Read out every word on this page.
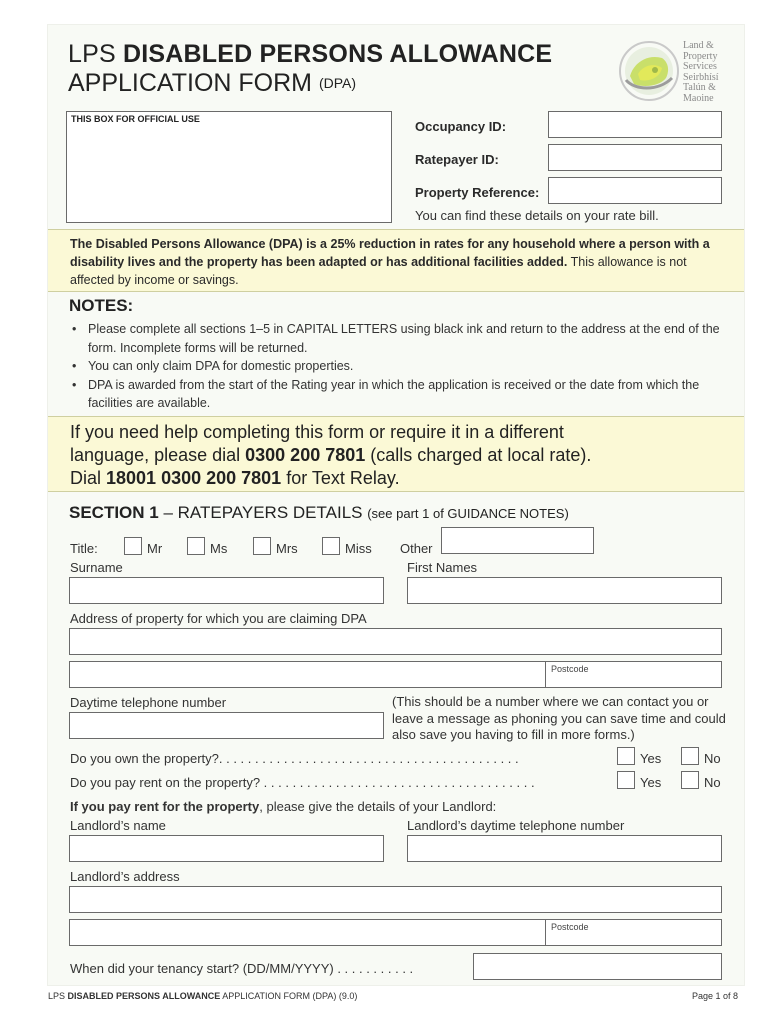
LPS DISABLED PERSONS ALLOWANCE
APPLICATION FORM (DPA)
Land &
Property
Services
Seirbhísí
Talún &
Maoine
THIS BOX FOR OFFICIAL USE	Occupancy ID:
Ratepayer ID:
Property Reference:
You can find these details on your rate bill.
The Disabled Persons Allowance (DPA) is a 25% reduction in rates for any household where a person with a disability lives and the property has been adapted or has additional facilities added. This allowance is not affected by income or savings.
NOTES:
• Please complete all sections 1–5 in CAPITAL LETTERS using black ink and return to the address at the end of the form. Incomplete forms will be returned.
• You can only claim DPA for domestic properties.
• DPA is awarded from the start of the Rating year in which the application is received or the date from which the facilities are available.
If you need help completing this form or require it in a different
language, please dial 0300 200 7801 (calls charged at local rate).
Dial 18001 0300 200 7801 for Text Relay.
SECTION 1 – RATEPAYERS DETAILS (see part 1 of GUIDANCE NOTES)
Title:	Mr	Ms	Mrs	Miss Other
Surname	First Names
Address of property for which you are claiming DPA
Postcode
Daytime telephone number	(This should be a number where we can contact you or leave a message as phoning you can save time and could also save you having to fill in more forms.)
Do you own the property?. . . . . . . . . . . . . . . . . . . . . . . . . . . . . . . . . . . . . . . . . .	Yes	No
Do you pay rent on the property? . . . . . . . . . . . . . . . . . . . . . . . . . . . . . . . . . . . . . .	Yes	No
If you pay rent for the property, please give the details of your Landlord:
Landlord’s name	Landlord’s daytime telephone number
Landlord’s address
Postcode
When did your tenancy start? (DD/MM/YYYY) . . . . . . . . . . .
LPS DISABLED PERSONS ALLOWANCE APPLICATION FORM (DPA) (9.0)	Page 1 of 8
